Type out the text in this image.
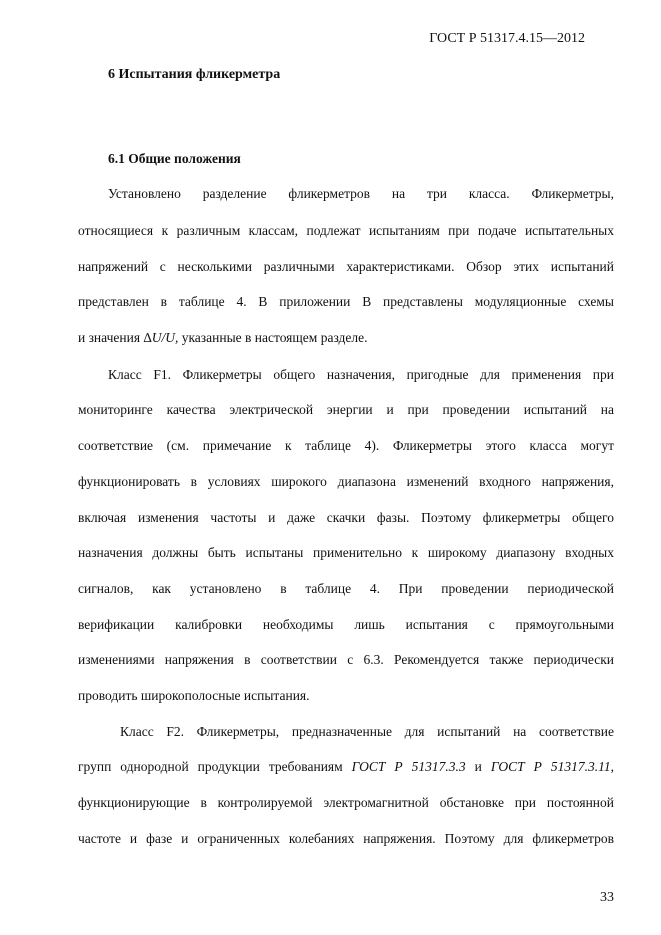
ГОСТ Р 51317.4.15—2012
6 Испытания фликерметра
6.1 Общие положения
Установлено разделение фликерметров на три класса. Фликерметры,
относящиеся к различным классам, подлежат испытаниям при подаче испытательных
напряжений с несколькими различными характеристиками. Обзор этих испытаний
представлен в таблице 4. В приложении В представлены модуляционные схемы
и значения ∆U/U, указанные в настоящем разделе.
Класс F1. Фликерметры общего назначения, пригодные для применения при
мониторинге качества электрической энергии и при проведении испытаний на
соответствие (см. примечание к таблице 4). Фликерметры этого класса могут
функционировать в условиях широкого диапазона изменений входного напряжения,
включая изменения частоты и даже скачки фазы. Поэтому фликерметры общего
назначения должны быть испытаны применительно к широкому диапазону входных
сигналов, как установлено в таблице 4. При проведении периодической
верификации калибровки необходимы лишь испытания с прямоугольными
изменениями напряжения в соответствии с 6.3. Рекомендуется также периодически
проводить широкополосные испытания.
Класс F2. Фликерметры, предназначенные для испытаний на соответствие
групп однородной продукции требованиям ГОСТ Р 51317.3.3 и ГОСТ Р 51317.3.11,
функционирующие в контролируемой электромагнитной обстановке при постоянной
частоте и фазе и ограниченных колебаниях напряжения. Поэтому для фликерметров
33
